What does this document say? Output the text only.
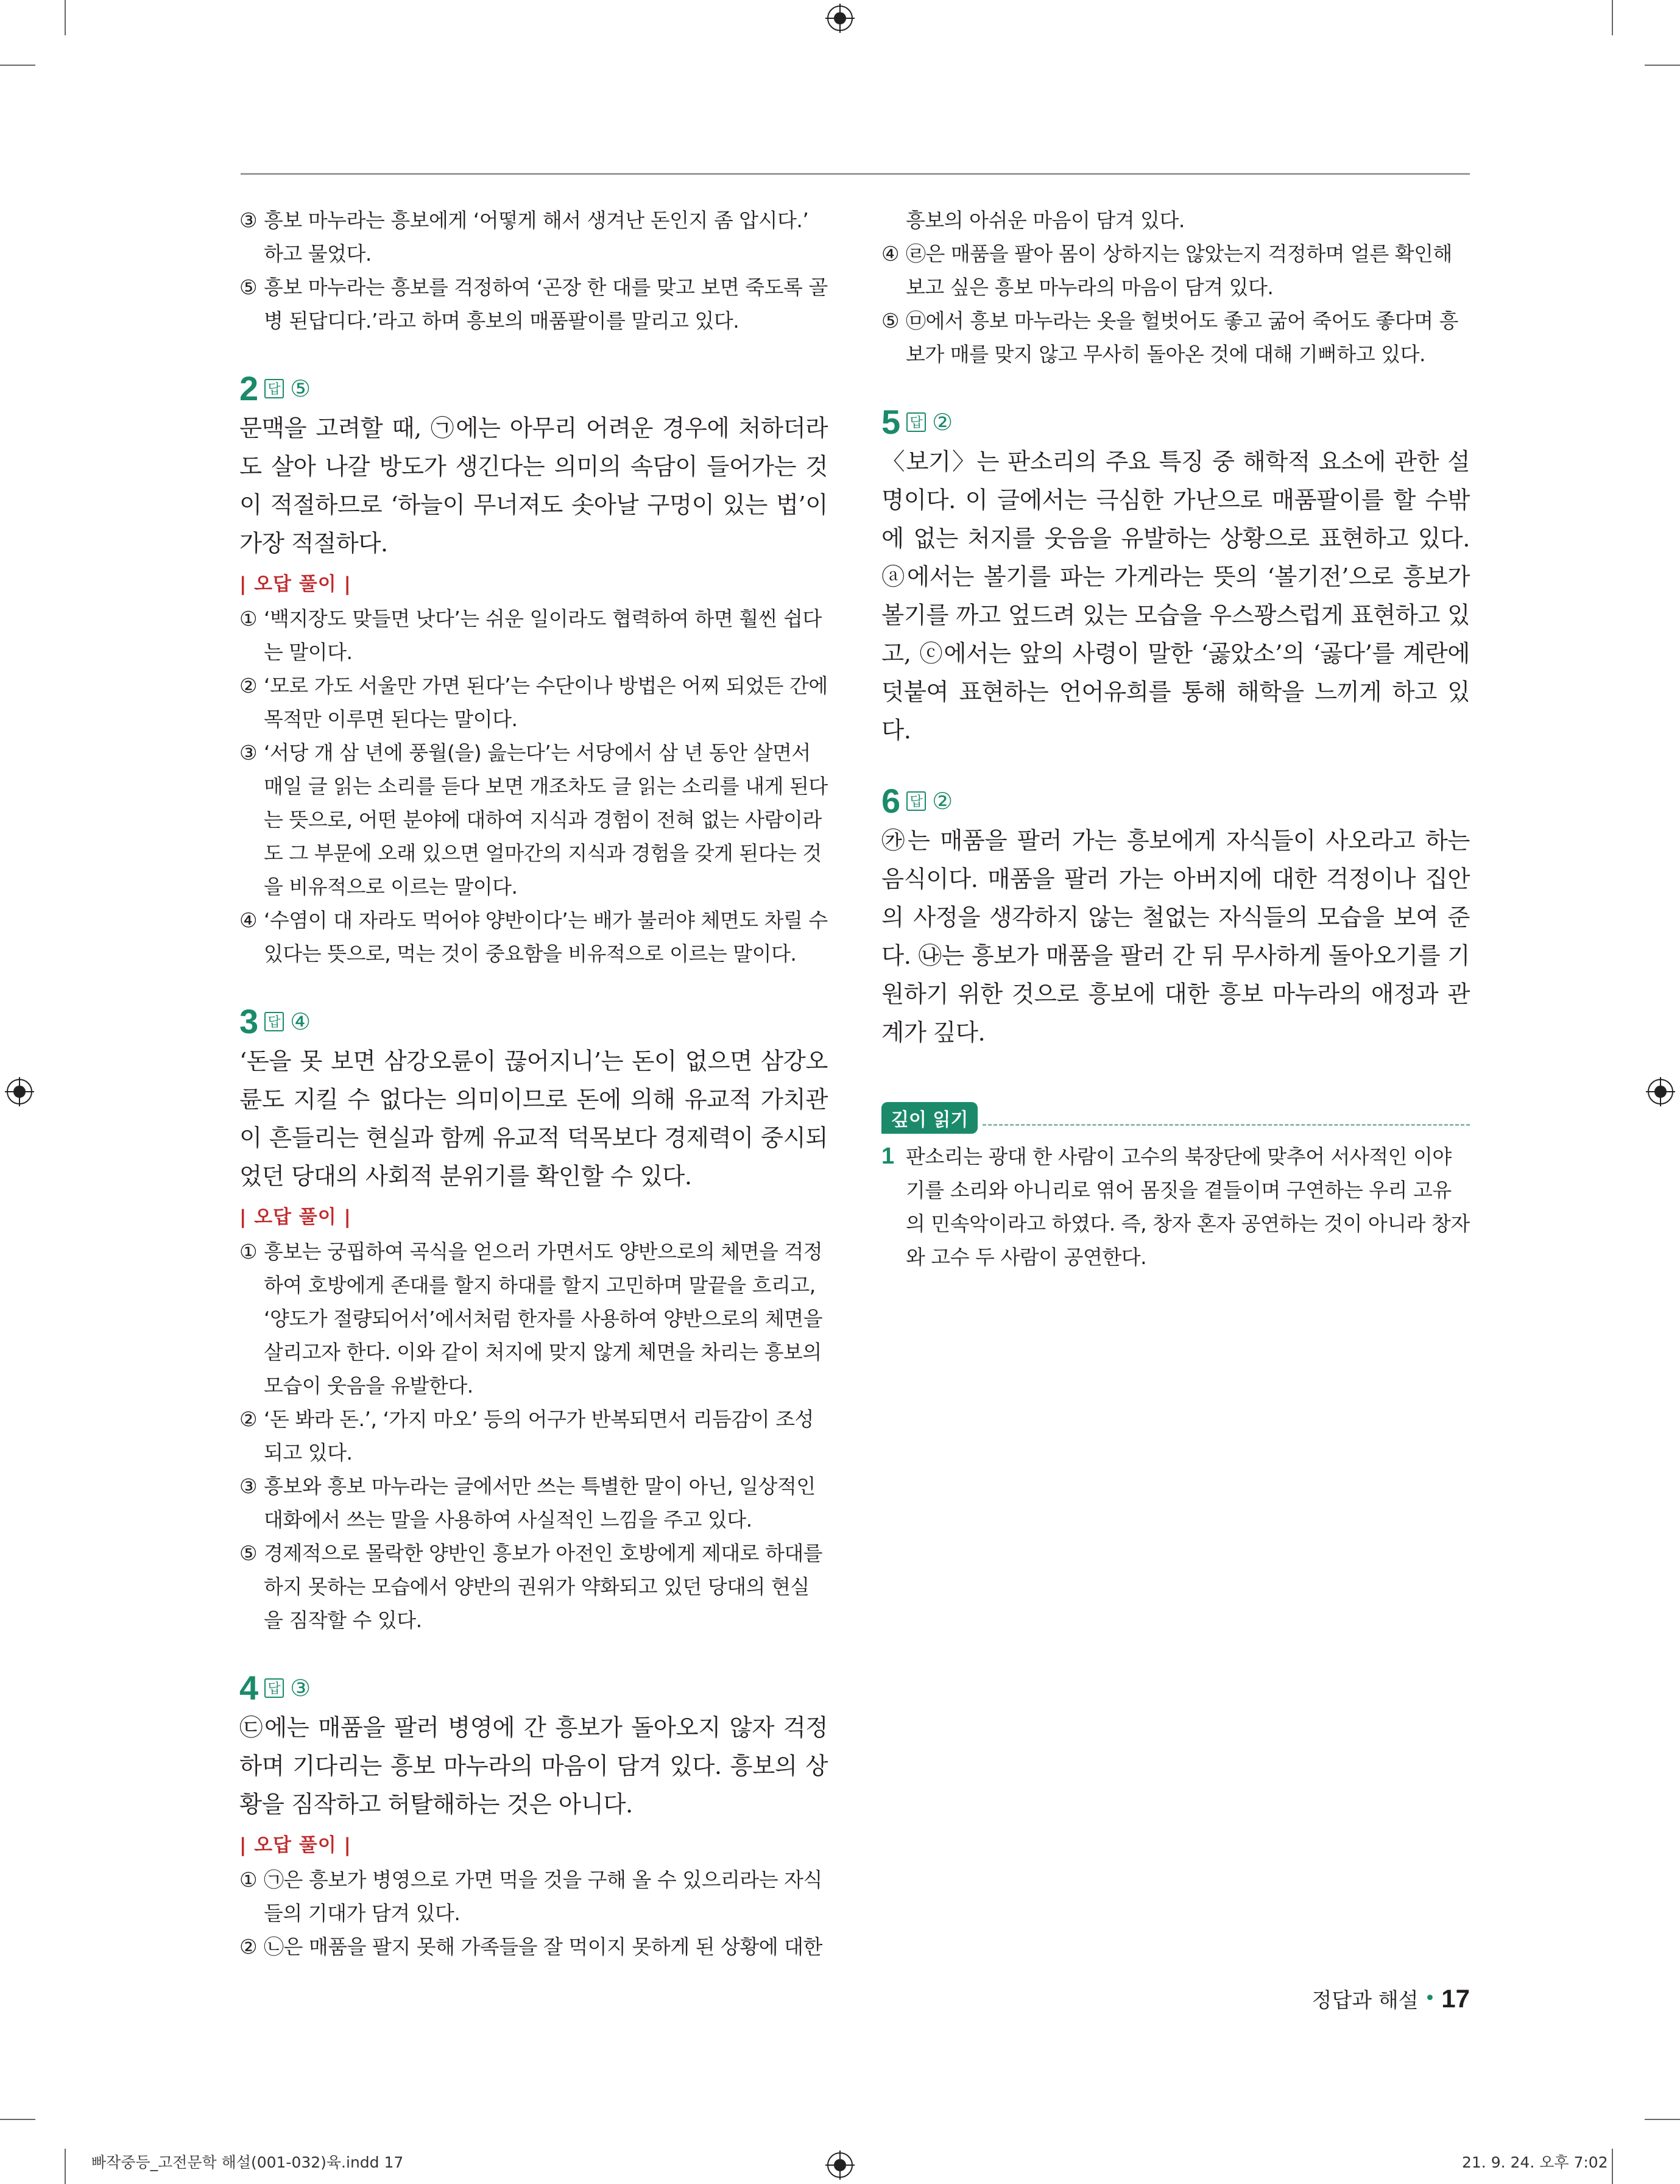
③ 흥보 마누라는 흥보에게 ‘어떻게 해서 생겨난 돈인지 좀 압시다.’ 하고 물었다.
⑤ 흥보 마누라는 흥보를 걱정하여 ‘곤장 한 대를 맞고 보면 죽도록 골병 된답디다.’라고 하며 흥보의 매품팔이를 말리고 있다.
2 답 ⑤
문맥을 고려할 때, ㉠에는 아무리 어려운 경우에 처하더라도 살아 나갈 방도가 생긴다는 의미의 속담이 들어가는 것이 적절하므로 ‘하늘이 무너져도 솟아날 구멍이 있는 법’이 가장 적절하다.
| 오답 풀이 |
① ‘백지장도 맞들면 낫다’는 쉬운 일이라도 협력하여 하면 훨씬 쉽다는 말이다.
② ‘모로 가도 서울만 가면 된다’는 수단이나 방법은 어찌 되었든 간에 목적만 이루면 된다는 말이다.
③ ‘서당 개 삼 년에 풍월(을) 읊는다’는 서당에서 삼 년 동안 살면서 매일 글 읽는 소리를 듣다 보면 개조차도 글 읽는 소리를 내게 된다는 뜻으로, 어떤 분야에 대하여 지식과 경험이 전혀 없는 사람이라도 그 부문에 오래 있으면 얼마간의 지식과 경험을 갖게 된다는 것을 비유적으로 이르는 말이다.
④ ‘수염이 대 자라도 먹어야 양반이다’는 배가 불러야 체면도 차릴 수 있다는 뜻으로, 먹는 것이 중요함을 비유적으로 이르는 말이다.
3 답 ④
‘돈을 못 보면 삼강오륜이 끊어지니’는 돈이 없으면 삼강오륜도 지킬 수 없다는 의미이므로 돈에 의해 유교적 가치관이 흔들리는 현실과 함께 유교적 덕목보다 경제력이 중시되었던 당대의 사회적 분위기를 확인할 수 있다.
| 오답 풀이 |
① 흥보는 궁핍하여 곡식을 얻으러 가면서도 양반으로의 체면을 걱정하여 호방에게 존대를 할지 하대를 할지 고민하며 말끝을 흐리고, ‘양도가 절량되어서’에서처럼 한자를 사용하여 양반으로의 체면을 살리고자 한다. 이와 같이 처지에 맞지 않게 체면을 차리는 흥보의 모습이 웃음을 유발한다.
② ‘돈 봐라 돈.’, ‘가지 마오’ 등의 어구가 반복되면서 리듬감이 조성되고 있다.
③ 흥보와 흥보 마누라는 글에서만 쓰는 특별한 말이 아닌, 일상적인 대화에서 쓰는 말을 사용하여 사실적인 느낌을 주고 있다.
⑤ 경제적으로 몰락한 양반인 흥보가 아전인 호방에게 제대로 하대를 하지 못하는 모습에서 양반의 권위가 약화되고 있던 당대의 현실을 짐작할 수 있다.
4 답 ③
㉢에는 매품을 팔러 병영에 간 흥보가 돌아오지 않자 걱정하며 기다리는 흥보 마누라의 마음이 담겨 있다. 흥보의 상황을 짐작하고 허탈해하는 것은 아니다.
| 오답 풀이 |
① ㉠은 흥보가 병영으로 가면 먹을 것을 구해 올 수 있으리라는 자식들의 기대가 담겨 있다.
② ㉡은 매품을 팔지 못해 가족들을 잘 먹이지 못하게 된 상황에 대한
흥보의 아쉬운 마음이 담겨 있다.
④ ㉣은 매품을 팔아 몸이 상하지는 않았는지 걱정하며 얼른 확인해 보고 싶은 흥보 마누라의 마음이 담겨 있다.
⑤ ㉤에서 흥보 마누라는 옷을 헐벗어도 좋고 굶어 죽어도 좋다며 흥보가 매를 맞지 않고 무사히 돌아온 것에 대해 기뻐하고 있다.
5 답 ②
〈보기〉는 판소리의 주요 특징 중 해학적 요소에 관한 설명이다. 이 글에서는 극심한 가난으로 매품팔이를 할 수밖에 없는 처지를 웃음을 유발하는 상황으로 표현하고 있다. ⓐ에서는 볼기를 파는 가게라는 뜻의 ‘볼기전’으로 흥보가 볼기를 까고 엎드려 있는 모습을 우스꽝스럽게 표현하고 있고, ⓒ에서는 앞의 사령이 말한 ‘곯았소’의 ‘곯다’를 계란에 덧붙여 표현하는 언어유희를 통해 해학을 느끼게 하고 있다.
6 답 ②
㉮는 매품을 팔러 가는 흥보에게 자식들이 사오라고 하는 음식이다. 매품을 팔러 가는 아버지에 대한 걱정이나 집안의 사정을 생각하지 않는 철없는 자식들의 모습을 보여 준다. ㉯는 흥보가 매품을 팔러 간 뒤 무사하게 돌아오기를 기원하기 위한 것으로 흥보에 대한 흥보 마누라의 애정과 관계가 깊다.
깊이 읽기
1 판소리는 광대 한 사람이 고수의 북장단에 맞추어 서사적인 이야기를 소리와 아니리로 엮어 몸짓을 곁들이며 구연하는 우리 고유의 민속악이라고 하였다. 즉, 창자 혼자 공연하는 것이 아니라 창자와 고수 두 사람이 공연한다.
정답과 해설 • 17
빠작중등_고전문학 해설(001-032)육.indd 17	21. 9. 24. 오후 7:02
